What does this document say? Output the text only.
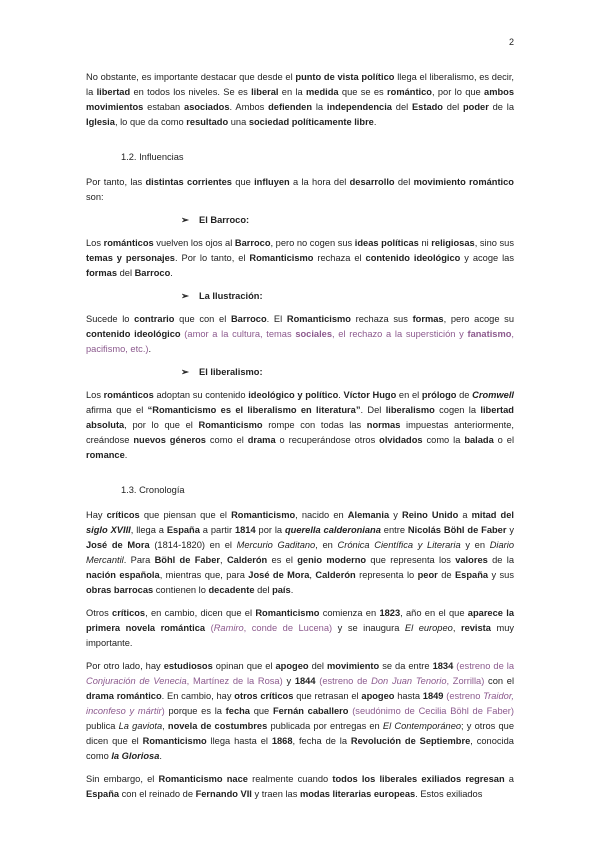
2

No obstante, es importante destacar que desde el punto de vista político llega el liberalismo, es decir, la libertad en todos los niveles. Se es liberal en la medida que se es romántico, por lo que ambos movimientos estaban asociados. Ambos defienden la independencia del Estado del poder de la Iglesia, lo que da como resultado una sociedad políticamente libre.

1.2. Influencias

Por tanto, las distintas corrientes que influyen a la hora del desarrollo del movimiento romántico son:

➢ El Barroco:

Los románticos vuelven los ojos al Barroco, pero no cogen sus ideas políticas ni religiosas, sino sus temas y personajes. Por lo tanto, el Romanticismo rechaza el contenido ideológico y acoge las formas del Barroco.

➢ La Ilustración:

Sucede lo contrario que con el Barroco. El Romanticismo rechaza sus formas, pero acoge su contenido ideológico (amor a la cultura, temas sociales, el rechazo a la superstición y fanatismo, pacifismo, etc.).

➢ El liberalismo:

Los románticos adoptan su contenido ideológico y político. Víctor Hugo en el prólogo de Cromwell afirma que el “Romanticismo es el liberalismo en literatura”. Del liberalismo cogen la libertad absoluta, por lo que el Romanticismo rompe con todas las normas impuestas anteriormente, creándose nuevos géneros como el drama o recuperándose otros olvidados como la balada o el romance.

1.3. Cronología

Hay críticos que piensan que el Romanticismo, nacido en Alemania y Reino Unido a mitad del siglo XVIII, llega a España a partir 1814 por la querella calderoniana entre Nicolás Böhl de Faber y José de Mora (1814-1820) en el Mercurio Gaditano, en Crónica Científica y Literaria y en Diario Mercantil. Para Böhl de Faber, Calderón es el genio moderno que representa los valores de la nación española, mientras que, para José de Mora, Calderón representa lo peor de España y sus obras barrocas contienen lo decadente del país.

Otros críticos, en cambio, dicen que el Romanticismo comienza en 1823, año en el que aparece la primera novela romántica (Ramiro, conde de Lucena) y se inaugura El europeo, revista muy importante.

Por otro lado, hay estudiosos opinan que el apogeo del movimiento se da entre 1834 (estreno de la Conjuración de Venecia, Martínez de la Rosa) y 1844 (estreno de Don Juan Tenorio, Zorrilla) con el drama romántico. En cambio, hay otros críticos que retrasan el apogeo hasta 1849 (estreno Traidor, inconfeso y mártir) porque es la fecha que Fernán caballero (seudónimo de Cecilia Böhl de Faber) publica La gaviota, novela de costumbres publicada por entregas en El Contemporáneo; y otros que dicen que el Romanticismo llega hasta el 1868, fecha de la Revolución de Septiembre, conocida como la Gloriosa.

Sin embargo, el Romanticismo nace realmente cuando todos los liberales exiliados regresan a España con el reinado de Fernando VII y traen las modas literarias europeas. Estos exiliados
